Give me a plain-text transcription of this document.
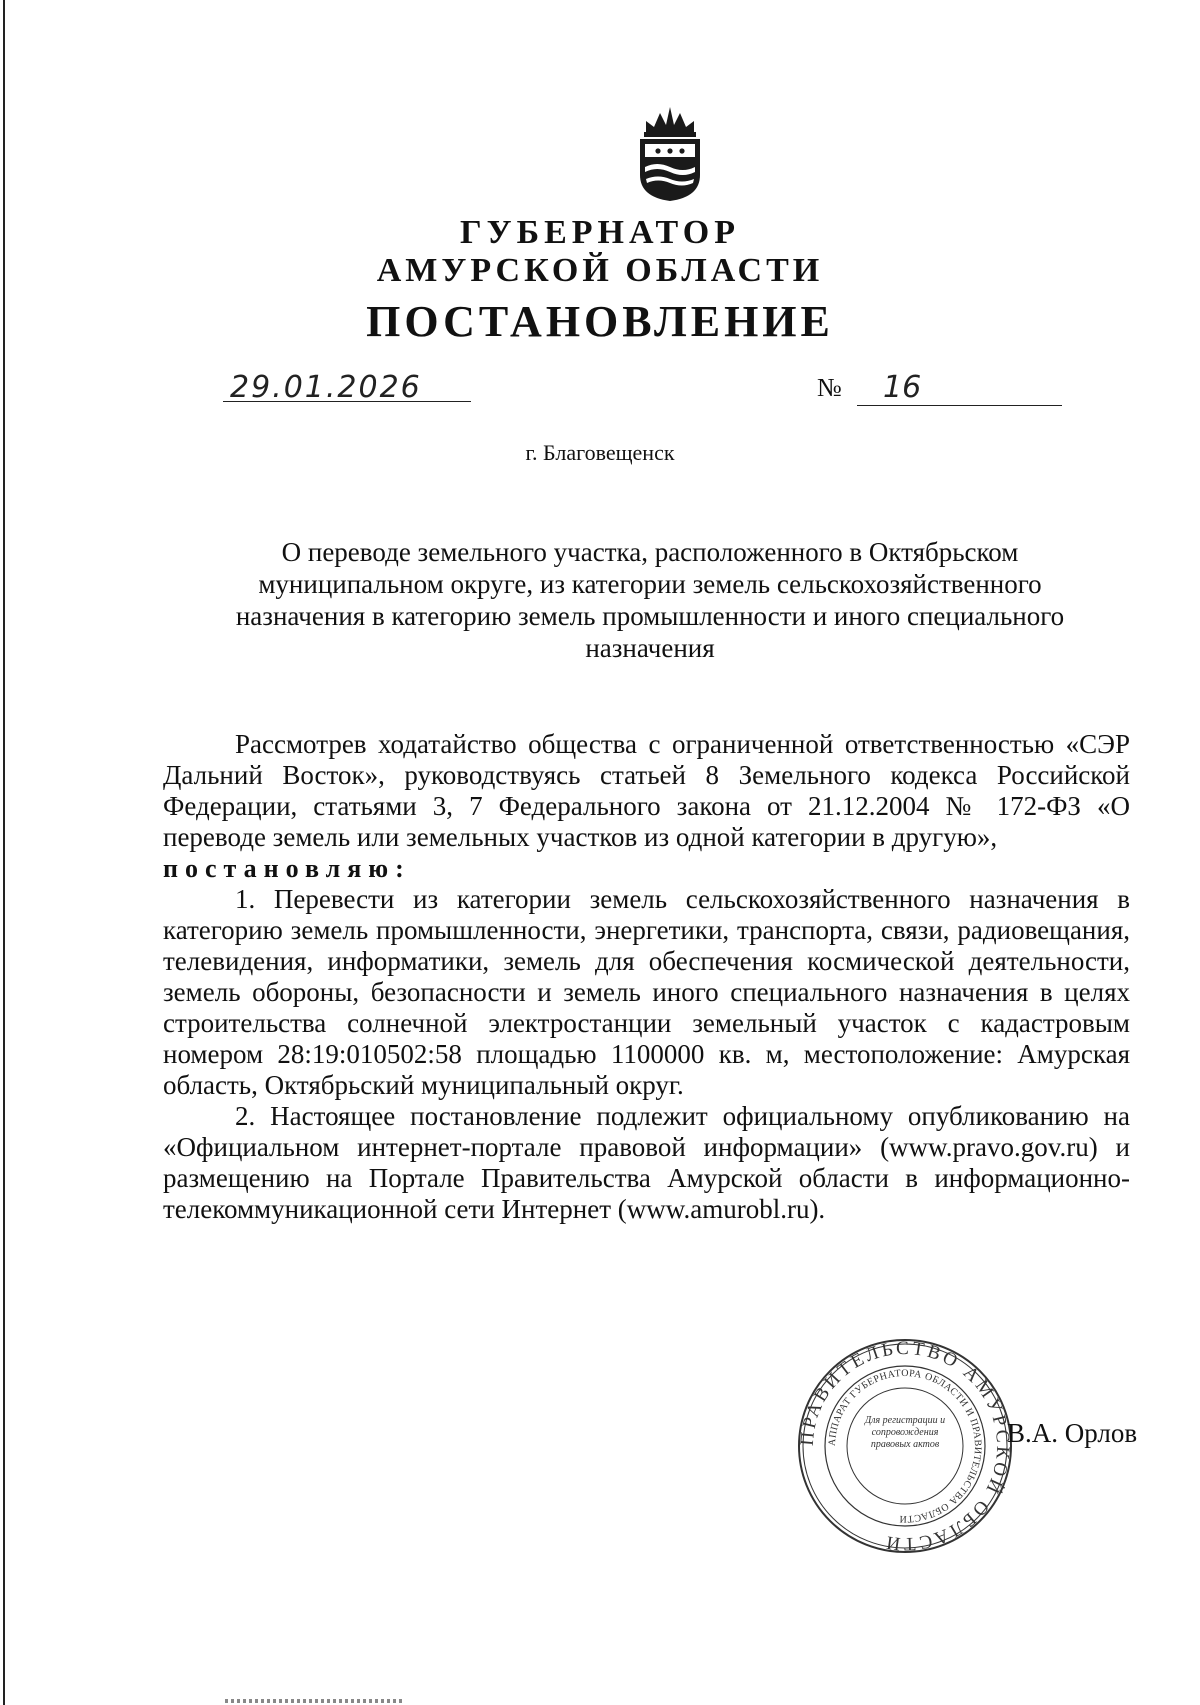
ГУБЕРНАТОР
АМУРСКОЙ ОБЛАСТИ
ПОСТАНОВЛЕНИЕ
29.01.2026	№ 16
г. Благовещенск
О переводе земельного участка, расположенного в Октябрьском
муниципальном округе, из категории земель сельскохозяйственного
назначения в категорию земель промышленности и иного специального
назначения
Рассмотрев ходатайство общества с ограниченной ответственностью «СЭР Дальний Восток», руководствуясь статьей 8 Земельного кодекса Российской Федерации, статьями 3, 7 Федерального закона от 21.12.2004 № 172-ФЗ «О переводе земель или земельных участков из одной категории в другую»,
постановляю:
1. Перевести из категории земель сельскохозяйственного назначения в категорию земель промышленности, энергетики, транспорта, связи, радиовещания, телевидения, информатики, земель для обеспечения космической деятельности, земель обороны, безопасности и земель иного специального назначения в целях строительства солнечной электростанции земельный участок с кадастровым номером 28:19:010502:58 площадью 1100000 кв. м, местоположение: Амурская область, Октябрьский муниципальный округ.
2. Настоящее постановление подлежит официальному опубликованию на «Официальном интернет-портале правовой информации» (www.pravo.gov.ru) и размещению на Портале Правительства Амурской области в информационно-телекоммуникационной сети Интернет (www.amurobl.ru).
ПРАВИТЕЛЬСТВО АМУРСКОЙ ОБЛАСТИ
АППАРАТ ГУБЕРНАТОРА ОБЛАСТИ И ПРАВИТЕЛЬСТВА ОБЛАСТИ
Для регистрации и сопровождения правовых актов	В.А. Орлов
